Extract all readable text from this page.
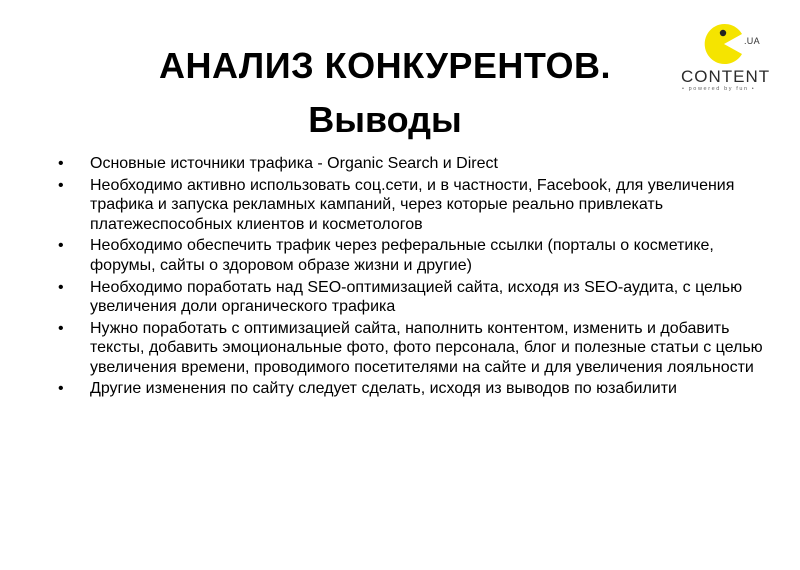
АНАЛИЗ КОНКУРЕНТОВ.
Выводы
.UA
CONTENT
• powered by fun •
• Основные источники трафика - Organic Search и Direct
• Необходимо активно использовать соц.сети, и в частности, Facebook, для увеличения трафика и запуска рекламных кампаний, через которые реально привлекать платежеспособных клиентов и косметологов
• Необходимо обеспечить трафик через реферальные ссылки (порталы о косметике, форумы, сайты о здоровом образе жизни и другие)
• Необходимо поработать над SEO-оптимизацией сайта, исходя из SEO-аудита, с целью увеличения доли органического трафика
• Нужно поработать с оптимизацией сайта, наполнить контентом, изменить и добавить тексты, добавить эмоциональные фото, фото персонала, блог и полезные статьи с целью увеличения времени, проводимого посетителями на сайте и для увеличения лояльности
• Другие изменения по сайту следует сделать, исходя из выводов по юзабилити
